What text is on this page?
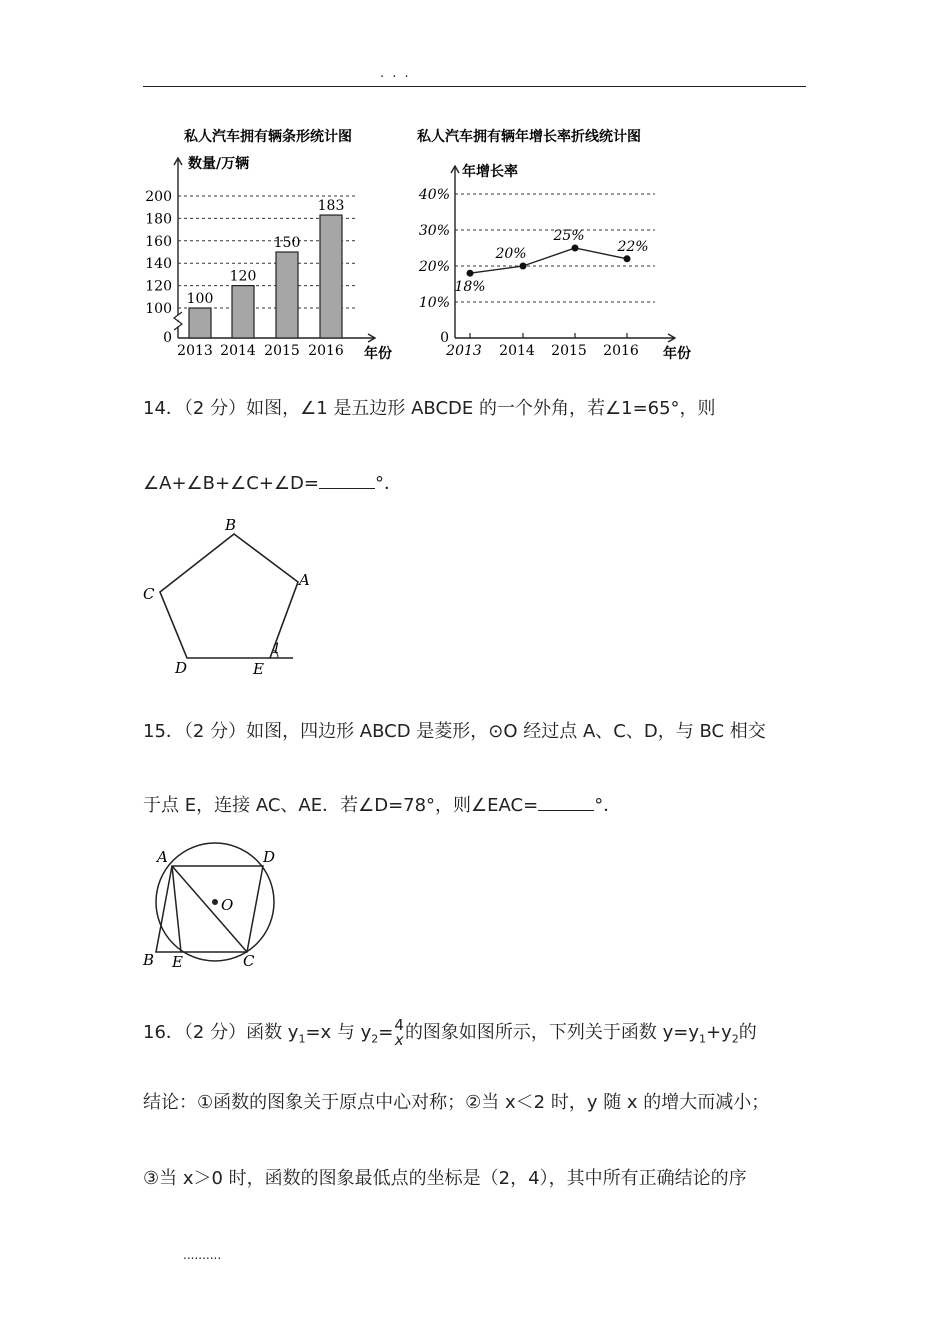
. . .
私人汽车拥有辆条形统计图
数量/万辆
年份
100
120
140
160
180
200
0
100
2013
120
2014
150
2015
183
2016
私人汽车拥有辆年增长率折线统计图
年增长率
年份
10%
20%
30%
40%
0
2013 2014 2015 2016
18%
20%
25%
22%
14．（2 分）如图，∠1 是五边形 ABCDE 的一个外角，若∠1=65°，则
∠A+∠B+∠C+∠D=	°．
B
A
C
D	E
1
15．（2 分）如图，四边形 ABCD 是菱形，⊙O 经过点 A、C、D，与 BC 相交
于点 E，连接 AC、AE．若∠D=78°，则∠EAC=	°．
A	D
O
B E	C
16．（2 分）函数 $y_1=x$ 与 $y_2= 4$
x 的图象如图所示，下列关于函数 $y=y_1+y_2$的
结论：①函数的图象关于原点中心对称；②当 x＜2 时，y 随 x 的增大而减小；
③当 x＞0 时，函数的图象最低点的坐标是（2，4），其中所有正确结论的序
..........
